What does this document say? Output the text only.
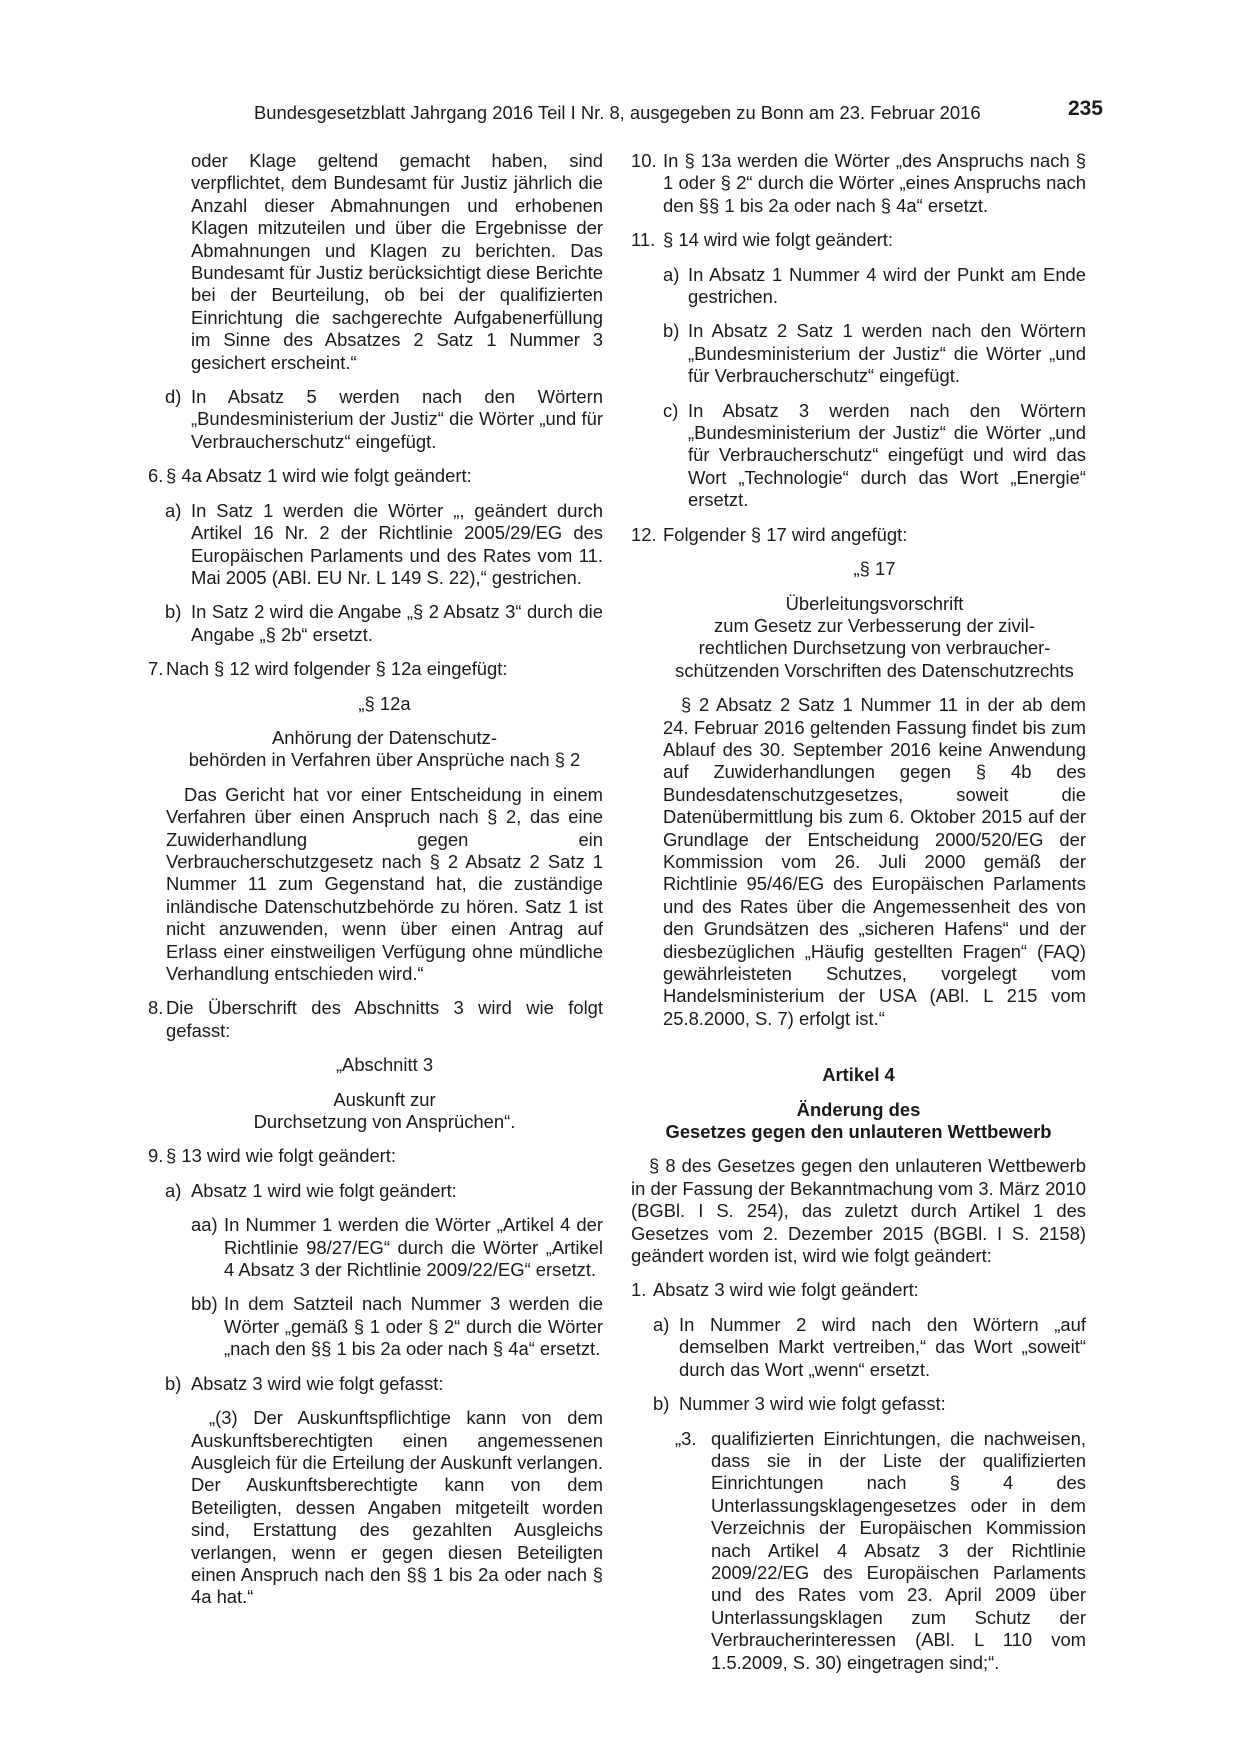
Bundesgesetzblatt Jahrgang 2016 Teil I Nr. 8, ausgegeben zu Bonn am 23. Februar 2016	235

oder Klage geltend gemacht haben, sind verpflichtet, dem Bundesamt für Justiz jährlich die Anzahl dieser Abmahnungen und erhobenen Klagen mitzuteilen und über die Ergebnisse der Abmahnungen und Klagen zu berichten. Das Bundesamt für Justiz berücksichtigt diese Berichte bei der Beurteilung, ob bei der qualifizierten Einrichtung die sachgerechte Aufgabenerfüllung im Sinne des Absatzes 2 Satz 1 Nummer 3 gesichert erscheint.“

d) In Absatz 5 werden nach den Wörtern „Bundesministerium der Justiz“ die Wörter „und für Verbraucherschutz“ eingefügt.

6. § 4a Absatz 1 wird wie folgt geändert:

a) In Satz 1 werden die Wörter „, geändert durch Artikel 16 Nr. 2 der Richtlinie 2005/29/EG des Europäischen Parlaments und des Rates vom 11. Mai 2005 (ABl. EU Nr. L 149 S. 22),“ gestrichen.

b) In Satz 2 wird die Angabe „§ 2 Absatz 3“ durch die Angabe „§ 2b“ ersetzt.

7. Nach § 12 wird folgender § 12a eingefügt:

„§ 12a

Anhörung der Datenschutz-

behörden in Verfahren über Ansprüche nach § 2

Das Gericht hat vor einer Entscheidung in einem Verfahren über einen Anspruch nach § 2, das eine Zuwiderhandlung gegen ein Verbraucherschutzgesetz nach § 2 Absatz 2 Satz 1 Nummer 11 zum Gegenstand hat, die zuständige inländische Datenschutzbehörde zu hören. Satz 1 ist nicht anzuwenden, wenn über einen Antrag auf Erlass einer einstweiligen Verfügung ohne mündliche Verhandlung entschieden wird.“

8. Die Überschrift des Abschnitts 3 wird wie folgt gefasst:

„Abschnitt 3

Auskunft zur

Durchsetzung von Ansprüchen“.

9. § 13 wird wie folgt geändert:

a) Absatz 1 wird wie folgt geändert:

aa) In Nummer 1 werden die Wörter „Artikel 4 der Richtlinie 98/27/EG“ durch die Wörter „Artikel 4 Absatz 3 der Richtlinie 2009/22/EG“ ersetzt.

bb) In dem Satzteil nach Nummer 3 werden die Wörter „gemäß § 1 oder § 2“ durch die Wörter „nach den §§ 1 bis 2a oder nach § 4a“ ersetzt.

b) Absatz 3 wird wie folgt gefasst:

„(3) Der Auskunftspflichtige kann von dem Auskunftsberechtigten einen angemessenen Ausgleich für die Erteilung der Auskunft verlangen. Der Auskunftsberechtigte kann von dem Beteiligten, dessen Angaben mitgeteilt worden sind, Erstattung des gezahlten Ausgleichs verlangen, wenn er gegen diesen Beteiligten einen Anspruch nach den §§ 1 bis 2a oder nach § 4a hat.“

10. In § 13a werden die Wörter „des Anspruchs nach § 1 oder § 2“ durch die Wörter „eines Anspruchs nach den §§ 1 bis 2a oder nach § 4a“ ersetzt.

11. § 14 wird wie folgt geändert:

a) In Absatz 1 Nummer 4 wird der Punkt am Ende gestrichen.

b) In Absatz 2 Satz 1 werden nach den Wörtern „Bundesministerium der Justiz“ die Wörter „und für Verbraucherschutz“ eingefügt.

c) In Absatz 3 werden nach den Wörtern „Bundesministerium der Justiz“ die Wörter „und für Verbraucherschutz“ eingefügt und wird das Wort „Technologie“ durch das Wort „Energie“ ersetzt.

12. Folgender § 17 wird angefügt:

„§ 17

Überleitungsvorschrift

zum Gesetz zur Verbesserung der zivil-

rechtlichen Durchsetzung von verbraucher-

schützenden Vorschriften des Datenschutzrechts

§ 2 Absatz 2 Satz 1 Nummer 11 in der ab dem 24. Februar 2016 geltenden Fassung findet bis zum Ablauf des 30. September 2016 keine Anwendung auf Zuwiderhandlungen gegen § 4b des Bundesdatenschutzgesetzes, soweit die Datenübermittlung bis zum 6. Oktober 2015 auf der Grundlage der Entscheidung 2000/520/EG der Kommission vom 26. Juli 2000 gemäß der Richtlinie 95/46/EG des Europäischen Parlaments und des Rates über die Angemessenheit des von den Grundsätzen des „sicheren Hafens“ und der diesbezüglichen „Häufig gestellten Fragen“ (FAQ) gewährleisteten Schutzes, vorgelegt vom Handelsministerium der USA (ABl. L 215 vom 25.8.2000, S. 7) erfolgt ist.“

Artikel 4

Änderung des

Gesetzes gegen den unlauteren Wettbewerb

§ 8 des Gesetzes gegen den unlauteren Wettbewerb in der Fassung der Bekanntmachung vom 3. März 2010 (BGBl. I S. 254), das zuletzt durch Artikel 1 des Gesetzes vom 2. Dezember 2015 (BGBl. I S. 2158) geändert worden ist, wird wie folgt geändert:

1. Absatz 3 wird wie folgt geändert:

a) In Nummer 2 wird nach den Wörtern „auf demselben Markt vertreiben,“ das Wort „soweit“ durch das Wort „wenn“ ersetzt.

b) Nummer 3 wird wie folgt gefasst:

„3. qualifizierten Einrichtungen, die nachweisen, dass sie in der Liste der qualifizierten Einrichtungen nach § 4 des Unterlassungsklagengesetzes oder in dem Verzeichnis der Europäischen Kommission nach Artikel 4 Absatz 3 der Richtlinie 2009/22/EG des Europäischen Parlaments und des Rates vom 23. April 2009 über Unterlassungsklagen zum Schutz der Verbraucherinteressen (ABl. L 110 vom 1.5.2009, S. 30) eingetragen sind;“.
